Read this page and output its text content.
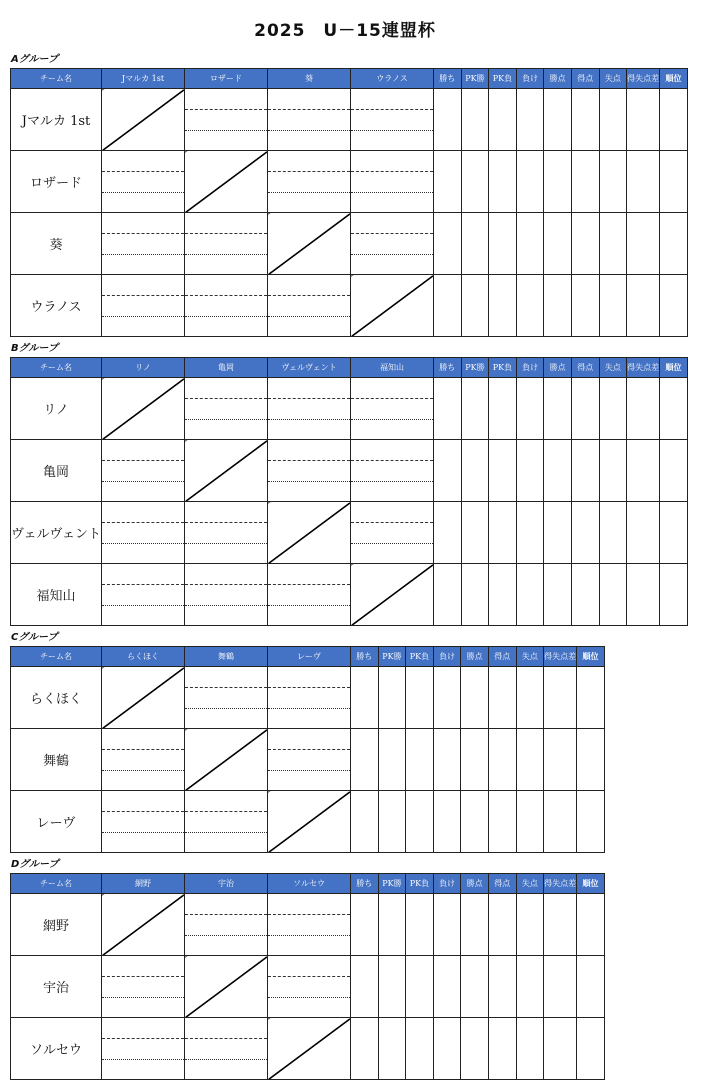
2025　U－15連盟杯
Aグループ
チーム名	Jマルカ 1st	ロザード	葵	ウラノス	勝ち	PK勝	PK負	負け	勝点	得点	失点	得失点差	順位
Jマルカ 1st		

ロザード	

葵	

ウラノス	

Bグループ
チーム名	リノ	亀岡	ヴェルヴェント	福知山	勝ち	PK勝	PK負	負け	勝点	得点	失点	得失点差	順位
リノ		

亀岡	

ヴェルヴェント	

福知山	

Cグループ
チーム名	らくほく	舞鶴	レーヴ	勝ち	PK勝	PK負	負け	勝点	得点	失点	得失点差	順位
らくほく		

舞鶴	

レーヴ	

Dグループ
チーム名	網野	宇治	ソルセウ	勝ち	PK勝	PK負	負け	勝点	得点	失点	得失点差	順位
網野		

宇治	

ソルセウ	
